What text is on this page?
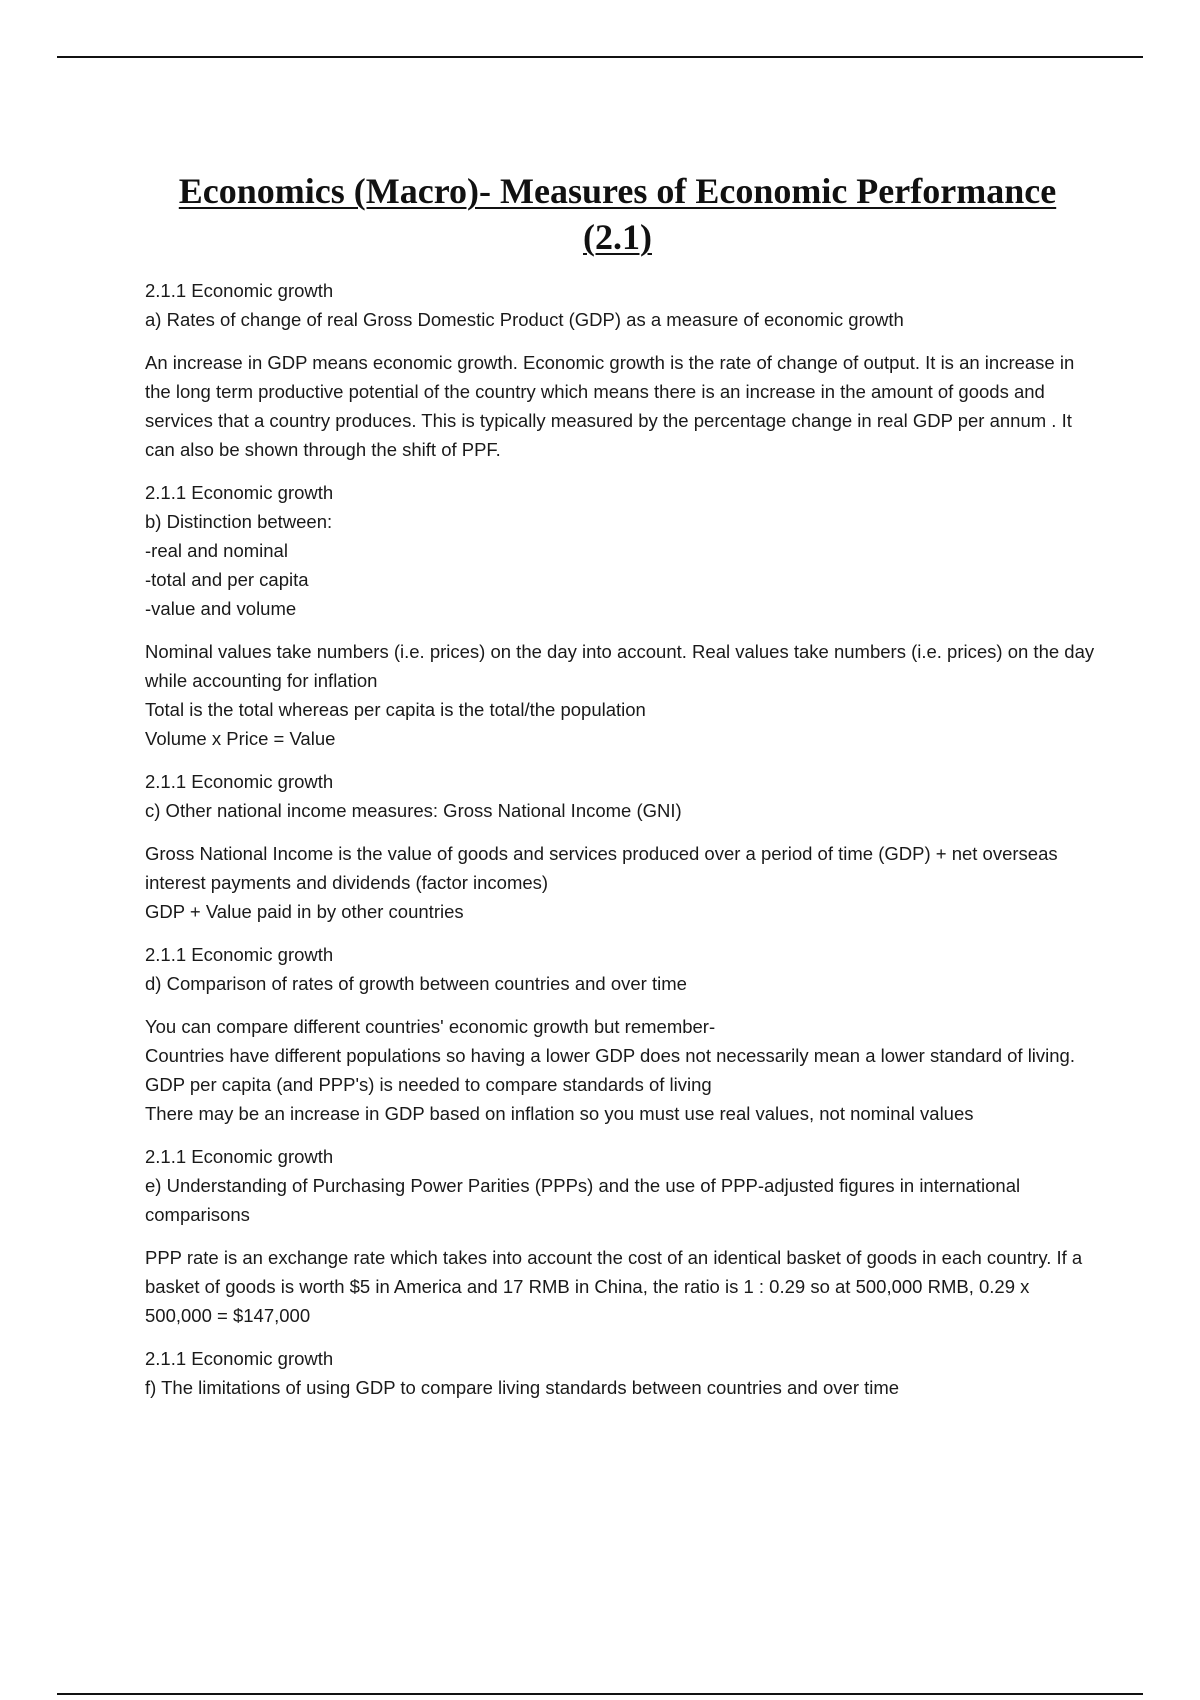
Economics (Macro)- Measures of Economic Performance (2.1)

2.1.1 Economic growth
a) Rates of change of real Gross Domestic Product (GDP) as a measure of economic growth

An increase in GDP means economic growth. Economic growth is the rate of change of output. It is an increase in the long term productive potential of the country which means there is an increase in the amount of goods and services that a country produces. This is typically measured by the percentage change in real GDP per annum . It can also be shown through the shift of PPF.

2.1.1 Economic growth
b) Distinction between:
-real and nominal
-total and per capita
-value and volume

Nominal values take numbers (i.e. prices) on the day into account. Real values take numbers (i.e. prices) on the day while accounting for inflation
Total is the total whereas per capita is the total/the population
Volume x Price = Value

2.1.1 Economic growth
c) Other national income measures: Gross National Income (GNI)

Gross National Income is the value of goods and services produced over a period of time (GDP) + net overseas interest payments and dividends (factor incomes)
GDP + Value paid in by other countries

2.1.1 Economic growth
d) Comparison of rates of growth between countries and over time

You can compare different countries' economic growth but remember-
Countries have different populations so having a lower GDP does not necessarily mean a lower standard of living. GDP per capita (and PPP's) is needed to compare standards of living
There may be an increase in GDP based on inflation so you must use real values, not nominal values

2.1.1 Economic growth
e) Understanding of Purchasing Power Parities (PPPs) and the use of PPP-adjusted figures in international comparisons

PPP rate is an exchange rate which takes into account the cost of an identical basket of goods in each country. If a basket of goods is worth $5 in America and 17 RMB in China, the ratio is 1 : 0.29 so at 500,000 RMB, 0.29 x 500,000 = $147,000

2.1.1 Economic growth
f) The limitations of using GDP to compare living standards between countries and over time
